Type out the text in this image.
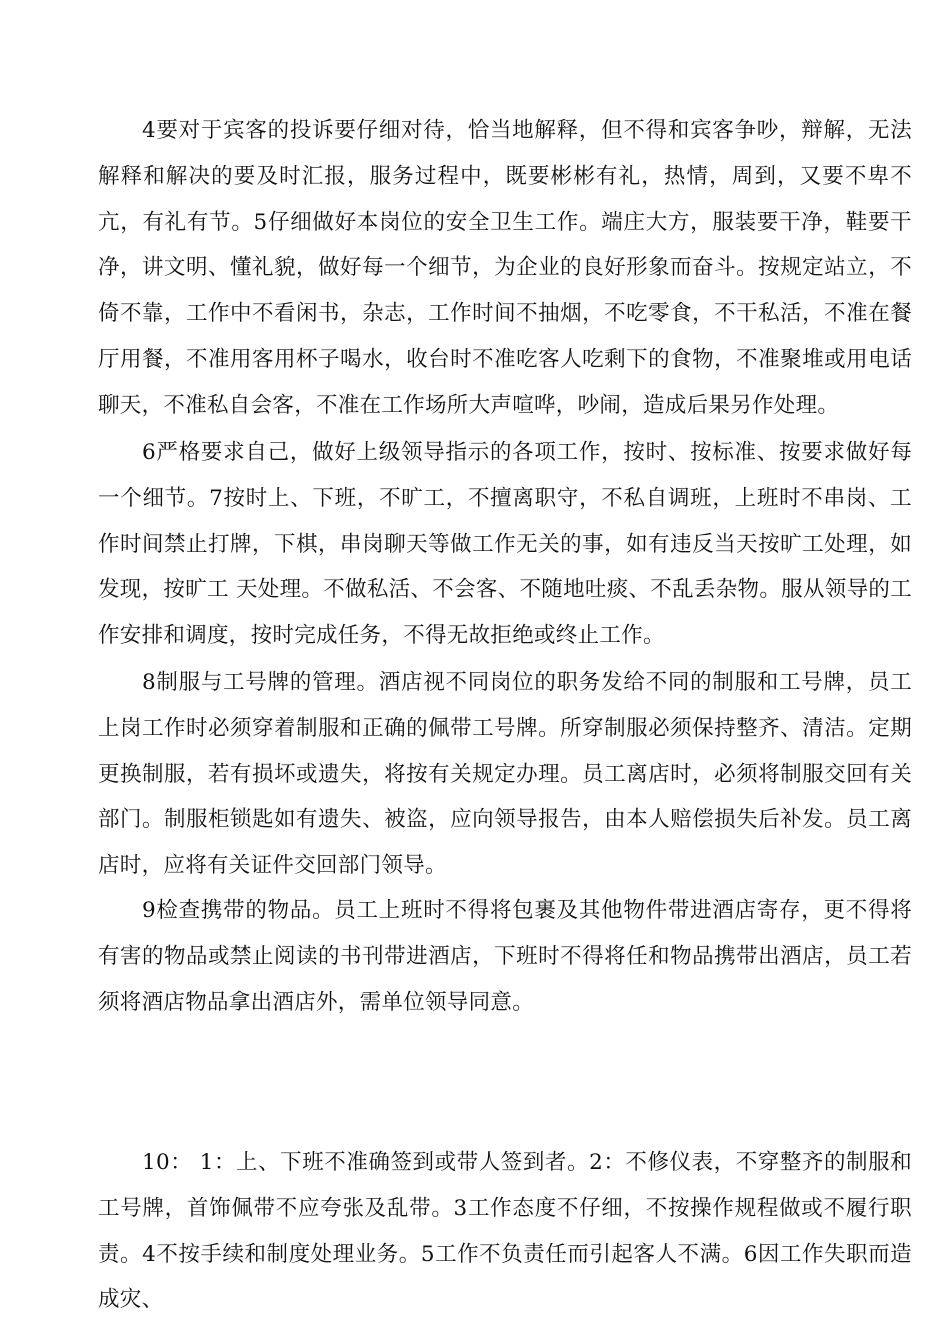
4要对于宾客的投诉要仔细对待，恰当地解释，但不得和宾客争吵，辩解，无法解释和解决的要及时汇报，服务过程中，既要彬彬有礼，热情，周到，又要不卑不亢，有礼有节。5仔细做好本岗位的安全卫生工作。端庄大方，服装要干净，鞋要干净，讲文明、懂礼貌，做好每一个细节，为企业的良好形象而奋斗。按规定站立，不倚不靠，工作中不看闲书，杂志，工作时间不抽烟，不吃零食，不干私活，不准在餐厅用餐，不准用客用杯子喝水，收台时不准吃客人吃剩下的食物，不准聚堆或用电话聊天，不准私自会客，不准在工作场所大声喧哗，吵闹，造成后果另作处理。

6严格要求自己，做好上级领导指示的各项工作，按时、按标准、按要求做好每一个细节。7按时上、下班，不旷工，不擅离职守，不私自调班，上班时不串岗、工作时间禁止打牌，下棋，串岗聊天等做工作无关的事，如有违反当天按旷工处理，如发现，按旷工 天处理。不做私活、不会客、不随地吐痰、不乱丢杂物。服从领导的工作安排和调度，按时完成任务，不得无故拒绝或终止工作。

8制服与工号牌的管理。酒店视不同岗位的职务发给不同的制服和工号牌，员工上岗工作时必须穿着制服和正确的佩带工号牌。所穿制服必须保持整齐、清洁。定期更换制服，若有损坏或遗失，将按有关规定办理。员工离店时，必须将制服交回有关部门。制服柜锁匙如有遗失、被盗，应向领导报告，由本人赔偿损失后补发。员工离店时，应将有关证件交回部门领导。

9检查携带的物品。员工上班时不得将包裹及其他物件带进酒店寄存，更不得将有害的物品或禁止阅读的书刊带进酒店，下班时不得将任和物品携带出酒店，员工若须将酒店物品拿出酒店外，需单位领导同意。

10： 1：上、下班不准确签到或带人签到者。2：不修仪表，不穿整齐的制服和工号牌，首饰佩带不应夸张及乱带。3工作态度不仔细，不按操作规程做或不履行职责。4不按手续和制度处理业务。5工作不负责任而引起客人不满。6因工作失职而造成灾、
